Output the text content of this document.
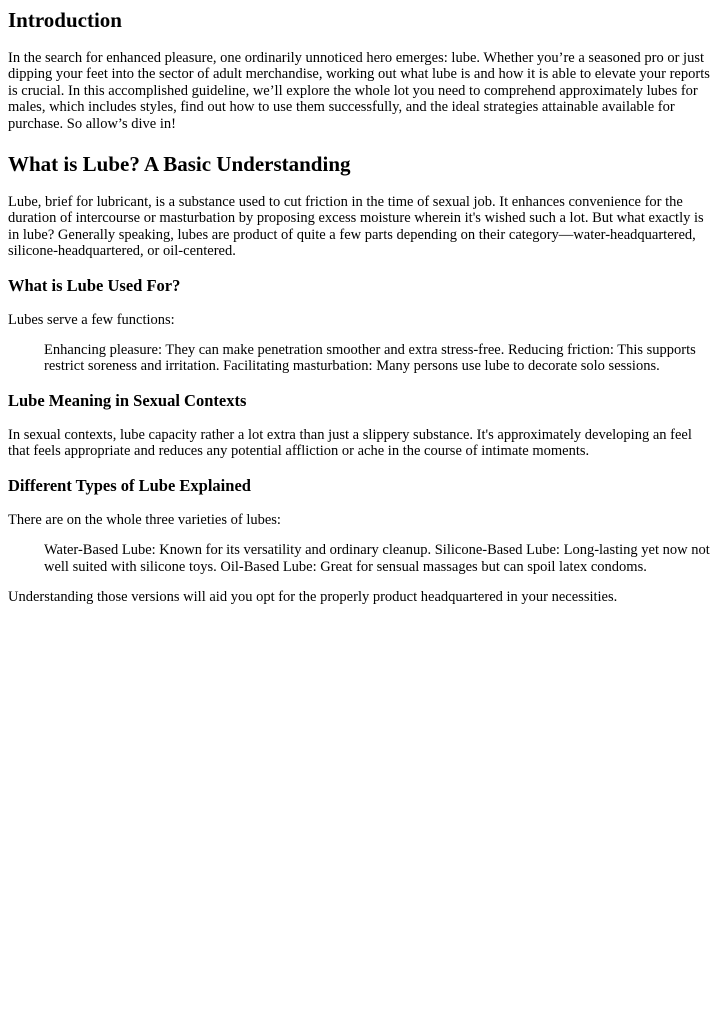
Introduction

In the search for enhanced pleasure, one ordinarily unnoticed hero emerges: lube. Whether you’re a seasoned pro or just dipping your feet into the sector of adult merchandise, working out what lube is and how it is able to elevate your reports is crucial. In this accomplished guideline, we’ll explore the whole lot you need to comprehend approximately lubes for males, which includes styles, find out how to use them successfully, and the ideal strategies attainable available for purchase. So allow’s dive in!

What is Lube? A Basic Understanding

Lube, brief for lubricant, is a substance used to cut friction in the time of sexual job. It enhances convenience for the duration of intercourse or masturbation by proposing excess moisture wherein it's wished such a lot. But what exactly is in lube? Generally speaking, lubes are product of quite a few parts depending on their category—water-headquartered, silicone-headquartered, or oil-centered.

What is Lube Used For?

Lubes serve a few functions:

Enhancing pleasure: They can make penetration smoother and extra stress-free. Reducing friction: This supports restrict soreness and irritation. Facilitating masturbation: Many persons use lube to decorate solo sessions.
Lube Meaning in Sexual Contexts

In sexual contexts, lube capacity rather a lot extra than just a slippery substance. It's approximately developing an feel that feels appropriate and reduces any potential affliction or ache in the course of intimate moments.

Different Types of Lube Explained

There are on the whole three varieties of lubes:

Water-Based Lube: Known for its versatility and ordinary cleanup. Silicone-Based Lube: Long-lasting yet now not well suited with silicone toys. Oil-Based Lube: Great for sensual massages but can spoil latex condoms.

Understanding those versions will aid you opt for the properly product headquartered in your necessities.
